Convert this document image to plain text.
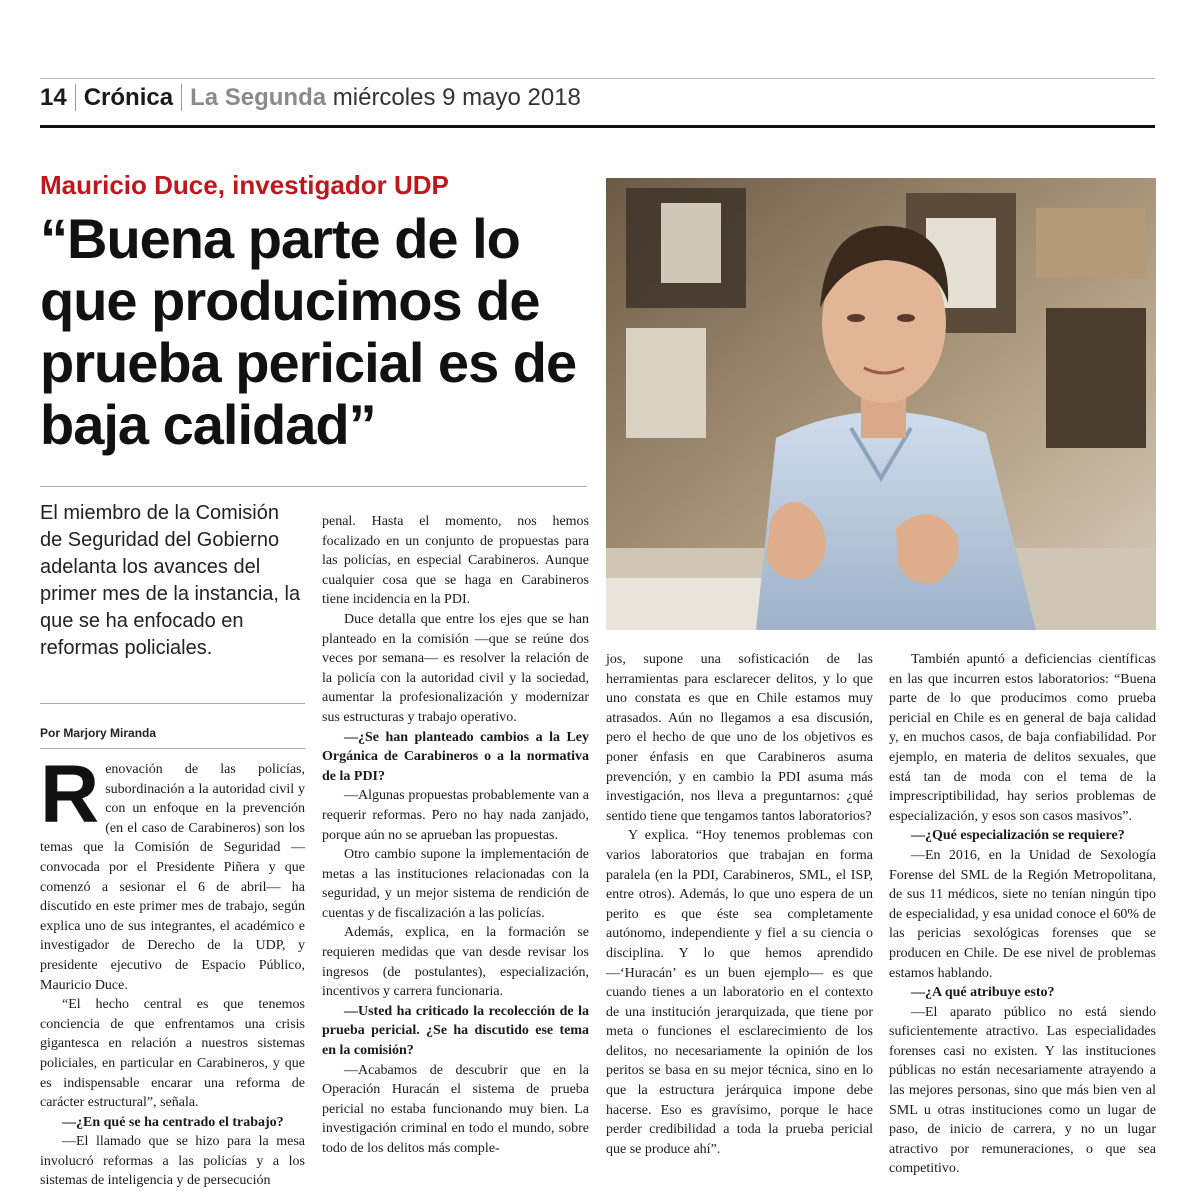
14 Crónica La Segunda miércoles 9 mayo 2018
Mauricio Duce, investigador UDP
“Buena parte de lo que producimos de prueba pericial es de baja calidad”
El miembro de la Comisión de Seguridad del Gobierno adelanta los avances del primer mes de la instancia, la que se ha enfocado en reformas policiales.
Por Marjory Miranda
R enovación de las policías, subordinación a la autoridad civil y con un enfoque en la prevención (en el caso de Carabineros) son los temas que la Comisión de Seguridad —convocada por el Presidente Piñera y que comenzó a sesionar el 6 de abril— ha discutido en este primer mes de trabajo, según explica uno de sus integrantes, el académico e investigador de Derecho de la UDP, y presidente ejecutivo de Espacio Público, Mauricio Duce.

“El hecho central es que tenemos conciencia de que enfrentamos una crisis gigantesca en relación a nuestros sistemas policiales, en particular en Carabineros, y que es indispensable encarar una reforma de carácter estructural”, señala.

—¿En qué se ha centrado el trabajo?

—El llamado que se hizo para la mesa involucró reformas a las policías y a los sistemas de inteligencia y de persecución

penal. Hasta el momento, nos hemos focalizado en un conjunto de propuestas para las policías, en especial Carabineros. Aunque cualquier cosa que se haga en Carabineros tiene incidencia en la PDI.

Duce detalla que entre los ejes que se han planteado en la comisión —que se reúne dos veces por semana— es resolver la relación de la policía con la autoridad civil y la sociedad, aumentar la profesionalización y modernizar sus estructuras y trabajo operativo.

—¿Se han planteado cambios a la Ley Orgánica de Carabineros o a la normativa de la PDI?

—Algunas propuestas probablemente van a requerir reformas. Pero no hay nada zanjado, porque aún no se aprueban las propuestas.

Otro cambio supone la implementación de metas a las instituciones relacionadas con la seguridad, y un mejor sistema de rendición de cuentas y de fiscalización a las policías.

Además, explica, en la formación se requieren medidas que van desde revisar los ingresos (de postulantes), especialización, incentivos y carrera funcionaria.

—Usted ha criticado la recolección de la prueba pericial. ¿Se ha discutido ese tema en la comisión?

—Acabamos de descubrir que en la Operación Huracán el sistema de prueba pericial no estaba funcionando muy bien. La investigación criminal en todo el mundo, sobre todo de los delitos más comple-

jos, supone una sofisticación de las herramientas para esclarecer delitos, y lo que uno constata es que en Chile estamos muy atrasados. Aún no llegamos a esa discusión, pero el hecho de que uno de los objetivos es poner énfasis en que Carabineros asuma prevención, y en cambio la PDI asuma más investigación, nos lleva a preguntarnos: ¿qué sentido tiene que tengamos tantos laboratorios?

Y explica. “Hoy tenemos problemas con varios laboratorios que trabajan en forma paralela (en la PDI, Carabineros, SML, el ISP, entre otros). Además, lo que uno espera de un perito es que éste sea completamente autónomo, independiente y fiel a su ciencia o disciplina. Y lo que hemos aprendido —‘Huracán’ es un buen ejemplo— es que cuando tienes a un laboratorio en el contexto de una institución jerarquizada, que tiene por meta o funciones el esclarecimiento de los delitos, no necesariamente la opinión de los peritos se basa en su mejor técnica, sino en lo que la estructura jerárquica impone debe hacerse. Eso es gravísimo, porque le hace perder credibilidad a toda la prueba pericial que se produce ahí”.

También apuntó a deficiencias científicas en las que incurren estos laboratorios: “Buena parte de lo que producimos como prueba pericial en Chile es en general de baja calidad y, en muchos casos, de baja confiabilidad. Por ejemplo, en materia de delitos sexuales, que está tan de moda con el tema de la imprescriptibilidad, hay serios problemas de especialización, y esos son casos masivos”.

—¿Qué especialización se requiere?

—En 2016, en la Unidad de Sexología Forense del SML de la Región Metropolitana, de sus 11 médicos, siete no tenían ningún tipo de especialidad, y esa unidad conoce el 60% de las pericias sexológicas forenses que se producen en Chile. De ese nivel de problemas estamos hablando.

—¿A qué atribuye esto?

—El aparato público no está siendo suficientemente atractivo. Las especialidades forenses casi no existen. Y las instituciones públicas no están necesariamente atrayendo a las mejores personas, sino que más bien ven al SML u otras instituciones como un lugar de paso, de inicio de carrera, y no un lugar atractivo por remuneraciones, o que sea competitivo.
